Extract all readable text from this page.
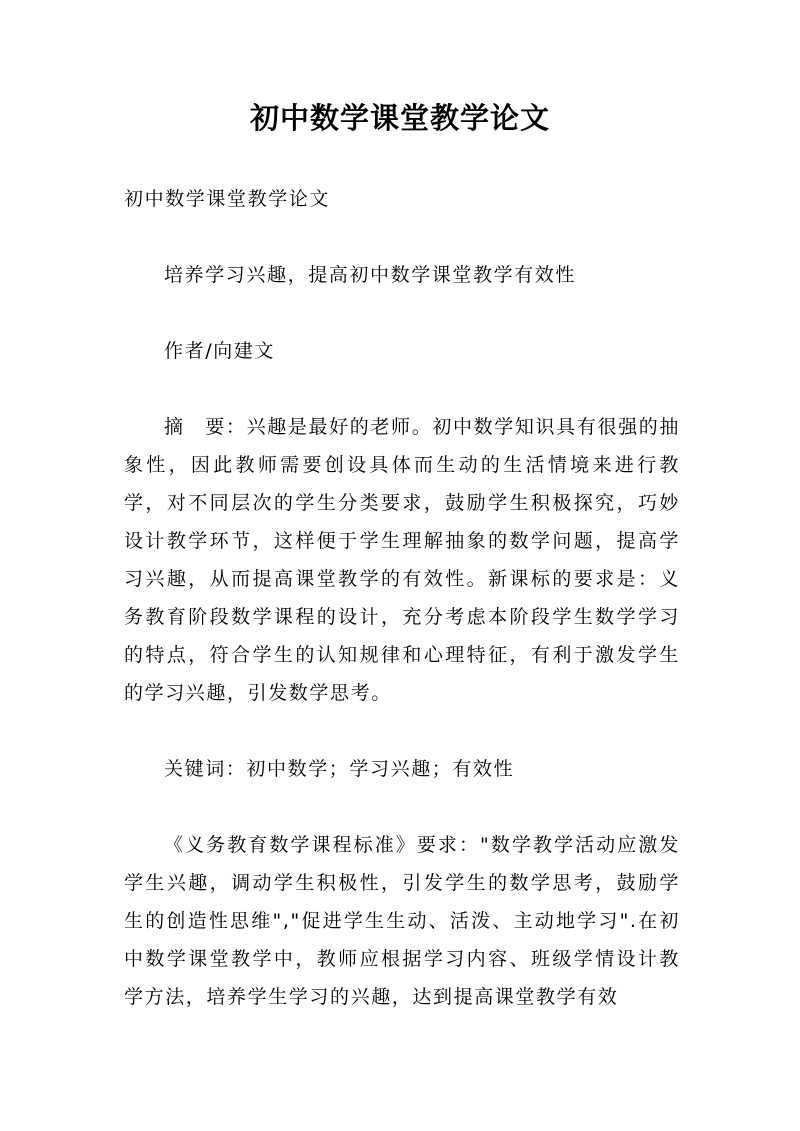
初中数学课堂教学论文

初中数学课堂教学论文

培养学习兴趣，提高初中数学课堂教学有效性

作者/向建文

摘　要：兴趣是最好的老师。初中数学知识具有很强的抽象性，因此教师需要创设具体而生动的生活情境来进行教学，对不同层次的学生分类要求，鼓励学生积极探究，巧妙设计教学环节，这样便于学生理解抽象的数学问题，提高学习兴趣，从而提高课堂教学的有效性。新课标的要求是：义务教育阶段数学课程的设计，充分考虑本阶段学生数学学习的特点，符合学生的认知规律和心理特征，有利于激发学生的学习兴趣，引发数学思考。

关键词：初中数学；学习兴趣；有效性

《义务教育数学课程标准》要求："数学教学活动应激发学生兴趣，调动学生积极性，引发学生的数学思考，鼓励学生的创造性思维","促进学生生动、活泼、主动地学习".在初中数学课堂教学中，教师应根据学习内容、班级学情设计教学方法，培养学生学习的兴趣，达到提高课堂教学有效
